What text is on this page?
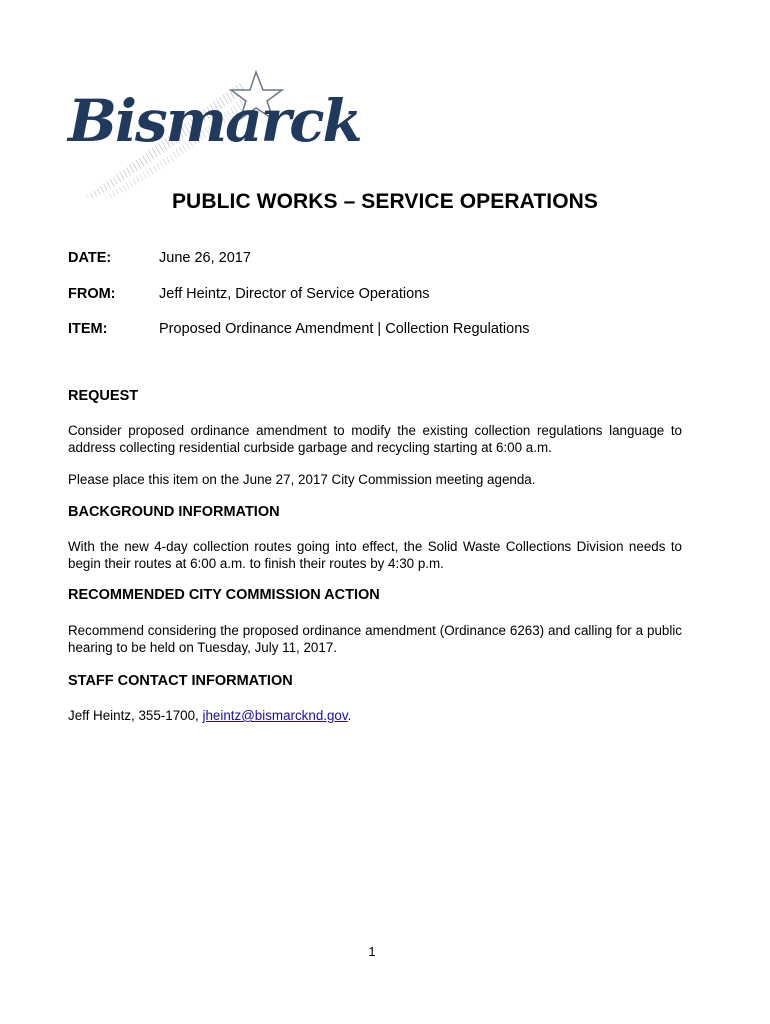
Bismarck
PUBLIC WORKS – SERVICE OPERATIONS
DATE:	June 26, 2017
FROM:	Jeff Heintz, Director of Service Operations
ITEM:	Proposed Ordinance Amendment | Collection Regulations
REQUEST
Consider proposed ordinance amendment to modify the existing collection regulations language to address collecting residential curbside garbage and recycling starting at 6:00 a.m.
Please place this item on the June 27, 2017 City Commission meeting agenda.
BACKGROUND INFORMATION
With the new 4-day collection routes going into effect, the Solid Waste Collections Division needs to begin their routes at 6:00 a.m. to finish their routes by 4:30 p.m.
RECOMMENDED CITY COMMISSION ACTION
Recommend considering the proposed ordinance amendment (Ordinance 6263) and calling for a public hearing to be held on Tuesday, July 11, 2017.
STAFF CONTACT INFORMATION
Jeff Heintz, 355-1700, jheintz@bismarcknd.gov.
1
